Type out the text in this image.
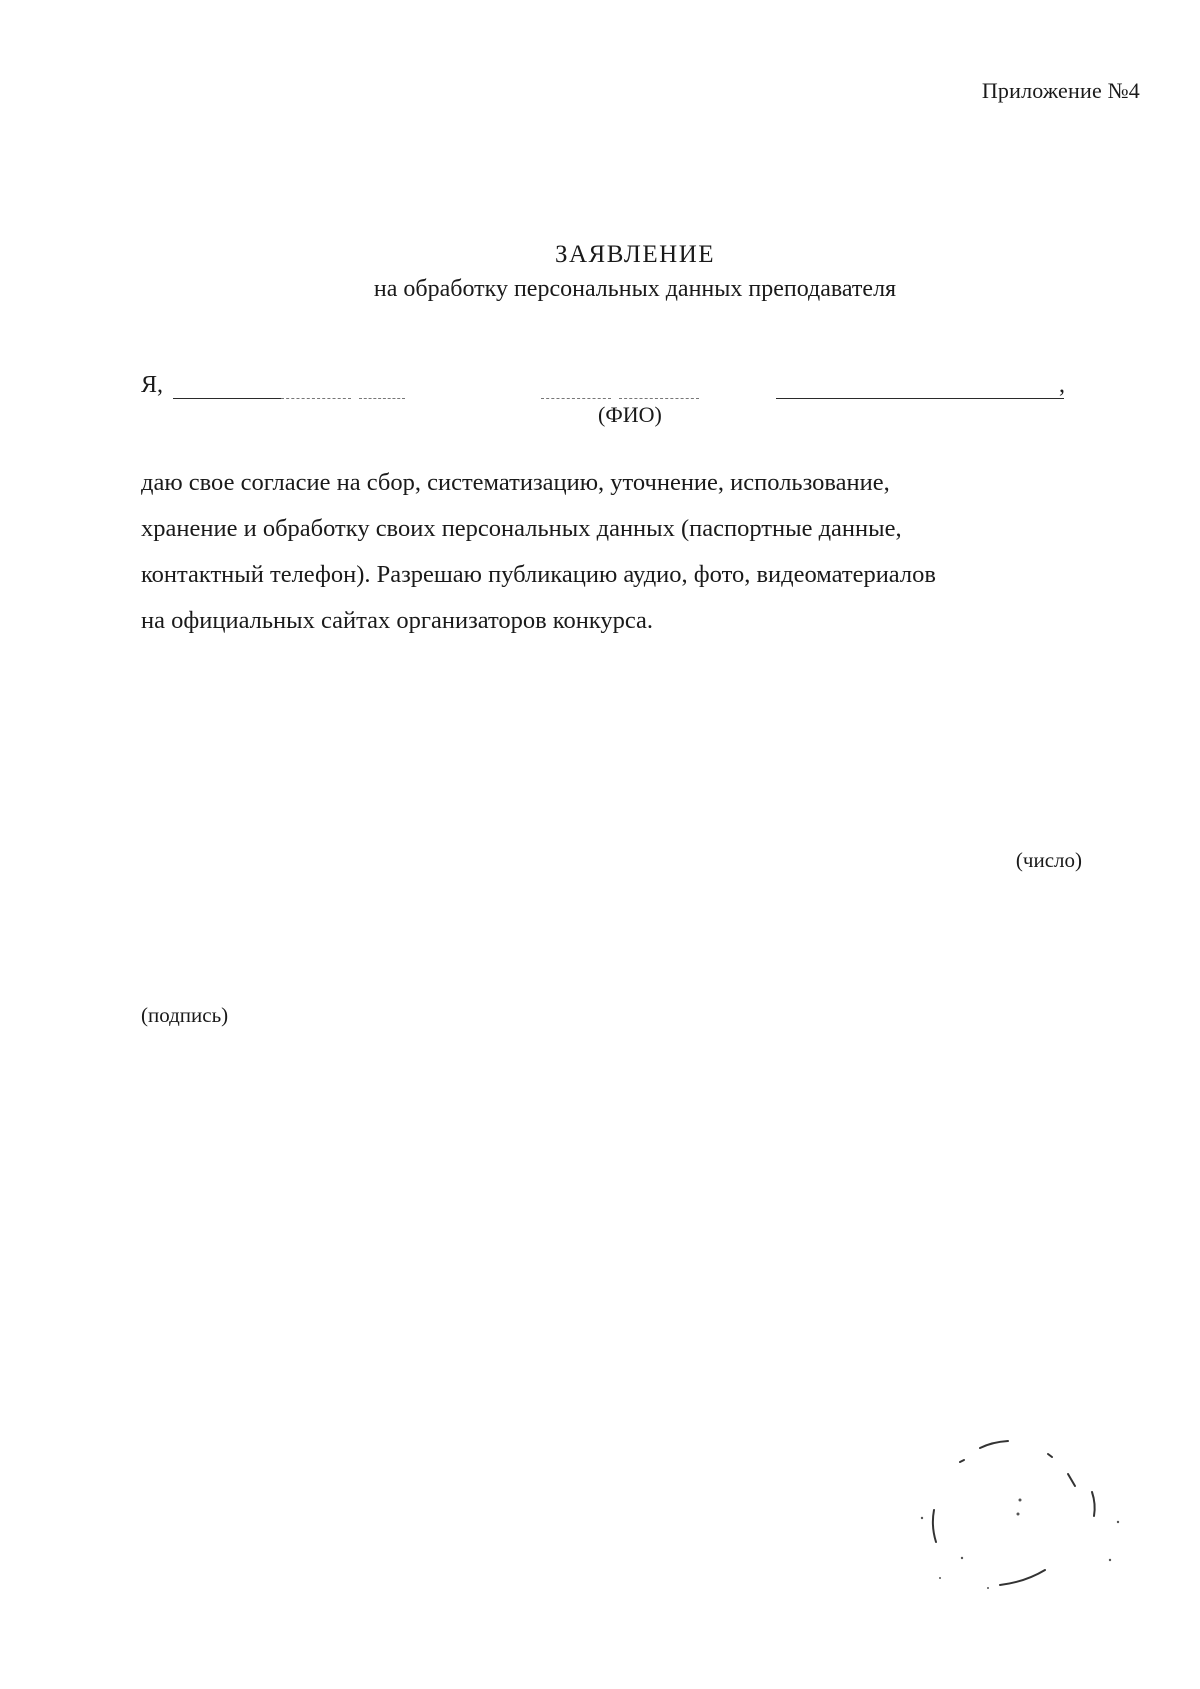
Приложение №4
ЗАЯВЛЕНИЕ
на обработку персональных данных преподавателя
Я,	,
(ФИО)

даю свое согласие на сбор, систематизацию, уточнение, использование,

хранение и обработку своих персональных данных (паспортные данные,

контактный телефон). Разрешаю публикацию аудио, фото, видеоматериалов

на официальных сайтах организаторов конкурса.

(число)
(подпись)
